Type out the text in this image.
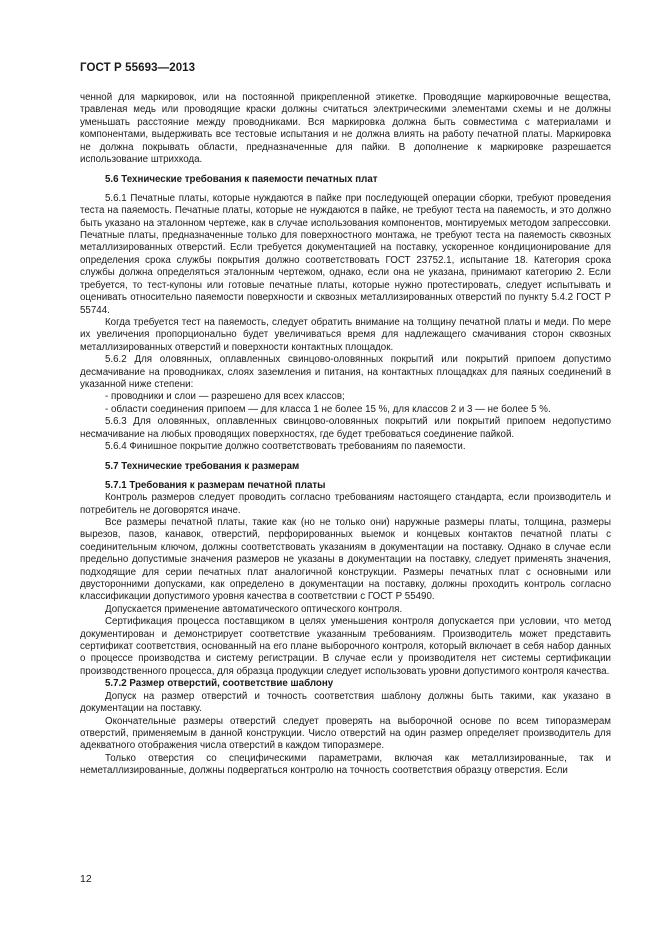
ГОСТ Р 55693—2013

ченной для маркировок, или на постоянной прикрепленной этикетке. Проводящие маркировочные вещества, травленая медь или проводящие краски должны считаться электрическими элементами схемы и не должны уменьшать расстояние между проводниками. Вся маркировка должна быть совместима с материалами и компонентами, выдерживать все тестовые испытания и не должна влиять на работу печатной платы. Маркировка не должна покрывать области, предназначенные для пайки. В дополнение к маркировке разрешается использование штрихкода.

5.6 Технические требования к паяемости печатных плат

5.6.1 Печатные платы, которые нуждаются в пайке при последующей операции сборки, требуют проведения теста на паяемость. Печатные платы, которые не нуждаются в пайке, не требуют теста на паяемость, и это должно быть указано на эталонном чертеже, как в случае использования компонентов, монтируемых методом запрессовки. Печатные платы, предназначенные только для поверхностного монтажа, не требуют теста на паяемость сквозных металлизированных отверстий. Если требуется документацией на поставку, ускоренное кондиционирование для определения срока службы покрытия должно соответствовать ГОСТ 23752.1, испытание 18. Категория срока службы должна определяться эталонным чертежом, однако, если она не указана, принимают категорию 2. Если требуется, то тест-купоны или готовые печатные платы, которые нужно протестировать, следует испытывать и оценивать относительно паяемости поверхности и сквозных металлизированных отверстий по пункту 5.4.2 ГОСТ Р 55744.

Когда требуется тест на паяемость, следует обратить внимание на толщину печатной платы и меди. По мере их увеличения пропорционально будет увеличиваться время для надлежащего смачивания сторон сквозных металлизированных отверстий и поверхности контактных площадок.

5.6.2 Для оловянных, оплавленных свинцово-оловянных покрытий или покрытий припоем допустимо десмачивание на проводниках, слоях заземления и питания, на контактных площадках для паяных соединений в указанной ниже степени:

- проводники и слои — разрешено для всех классов;

- области соединения припоем — для класса 1 не более 15 %, для классов 2 и 3 — не более 5 %.

5.6.3 Для оловянных, оплавленных свинцово-оловянных покрытий или покрытий припоем недопустимо несмачивание на любых проводящих поверхностях, где будет требоваться соединение пайкой.

5.6.4 Финишное покрытие должно соответствовать требованиям по паяемости.

5.7 Технические требования к размерам

5.7.1 Требования к размерам печатной платы

Контроль размеров следует проводить согласно требованиям настоящего стандарта, если производитель и потребитель не договорятся иначе.

Все размеры печатной платы, такие как (но не только они) наружные размеры платы, толщина, размеры вырезов, пазов, канавок, отверстий, перфорированных выемок и концевых контактов печатной платы с соединительным ключом, должны соответствовать указаниям в документации на поставку. Однако в случае если предельно допустимые значения размеров не указаны в документации на поставку, следует применять значения, подходящие для серии печатных плат аналогичной конструкции. Размеры печатных плат с основными или двусторонними допусками, как определено в документации на поставку, должны проходить контроль согласно классификации допустимого уровня качества в соответствии с ГОСТ Р 55490.

Допускается применение автоматического оптического контроля.

Сертификация процесса поставщиком в целях уменьшения контроля допускается при условии, что метод документирован и демонстрирует соответствие указанным требованиям. Производитель может представить сертификат соответствия, основанный на его плане выборочного контроля, который включает в себя набор данных о процессе производства и систему регистрации. В случае если у производителя нет системы сертификации производственного процесса, для образца продукции следует использовать уровни допустимого контроля качества.

5.7.2 Размер отверстий, соответствие шаблону

Допуск на размер отверстий и точность соответствия шаблону должны быть такими, как указано в документации на поставку.

Окончательные размеры отверстий следует проверять на выборочной основе по всем типоразмерам отверстий, применяемым в данной конструкции. Число отверстий на один размер определяет производитель для адекватного отображения числа отверстий в каждом типоразмере.

Только отверстия со специфическими параметрами, включая как металлизированные, так и неметаллизированные, должны подвергаться контролю на точность соответствия образцу отверстия. Если

12
